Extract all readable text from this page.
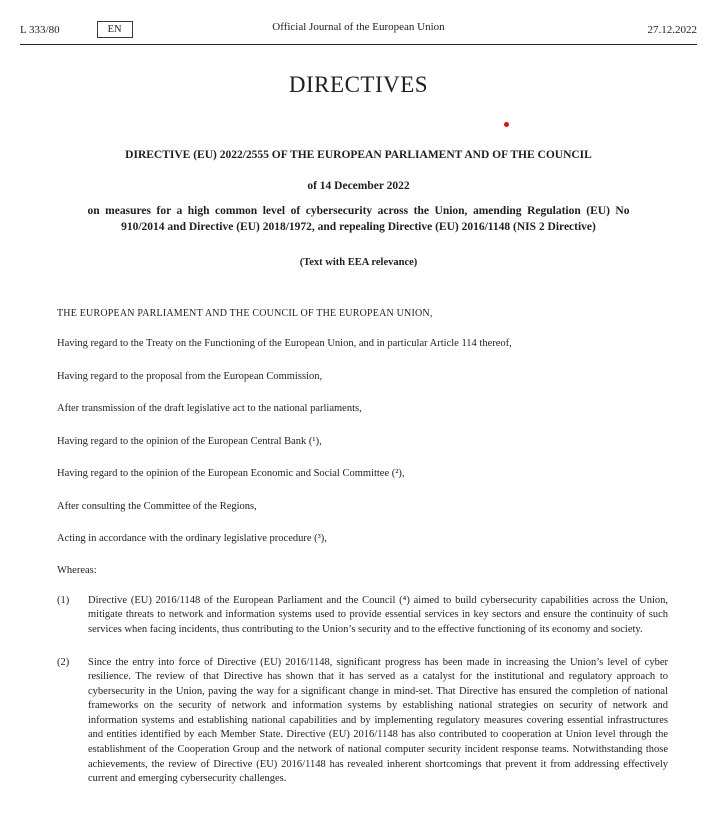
L 333/80	EN	Official Journal of the European Union	27.12.2022
DIRECTIVES
DIRECTIVE (EU) 2022/2555 OF THE EUROPEAN PARLIAMENT AND OF THE COUNCIL
of 14 December 2022

on measures for a high common level of cybersecurity across the Union, amending Regulation (EU) No 910/2014 and Directive (EU) 2018/1972, and repealing Directive (EU) 2016/1148 (NIS 2 Directive)

(Text with EEA relevance)

THE EUROPEAN PARLIAMENT AND THE COUNCIL OF THE EUROPEAN UNION,

Having regard to the Treaty on the Functioning of the European Union, and in particular Article 114 thereof,

Having regard to the proposal from the European Commission,

After transmission of the draft legislative act to the national parliaments,

Having regard to the opinion of the European Central Bank (¹),

Having regard to the opinion of the European Economic and Social Committee (²),

After consulting the Committee of the Regions,

Acting in accordance with the ordinary legislative procedure (³),

Whereas:

(1)	Directive (EU) 2016/1148 of the European Parliament and the Council (⁴) aimed to build cybersecurity capabilities across the Union, mitigate threats to network and information systems used to provide essential services in key sectors and ensure the continuity of such services when facing incidents, thus contributing to the Union’s security and to the effective functioning of its economy and society.
(2)	Since the entry into force of Directive (EU) 2016/1148, significant progress has been made in increasing the Union’s level of cyber resilience. The review of that Directive has shown that it has served as a catalyst for the institutional and regulatory approach to cybersecurity in the Union, paving the way for a significant change in mind-set. That Directive has ensured the completion of national frameworks on the security of network and information systems by establishing national strategies on security of network and information systems and establishing national capabilities and by implementing regulatory measures covering essential infrastructures and entities identified by each Member State. Directive (EU) 2016/1148 has also contributed to cooperation at Union level through the establishment of the Cooperation Group and the network of national computer security incident response teams. Notwithstanding those achievements, the review of Directive (EU) 2016/1148 has revealed inherent shortcomings that prevent it from addressing effectively current and emerging cybersecurity challenges.
